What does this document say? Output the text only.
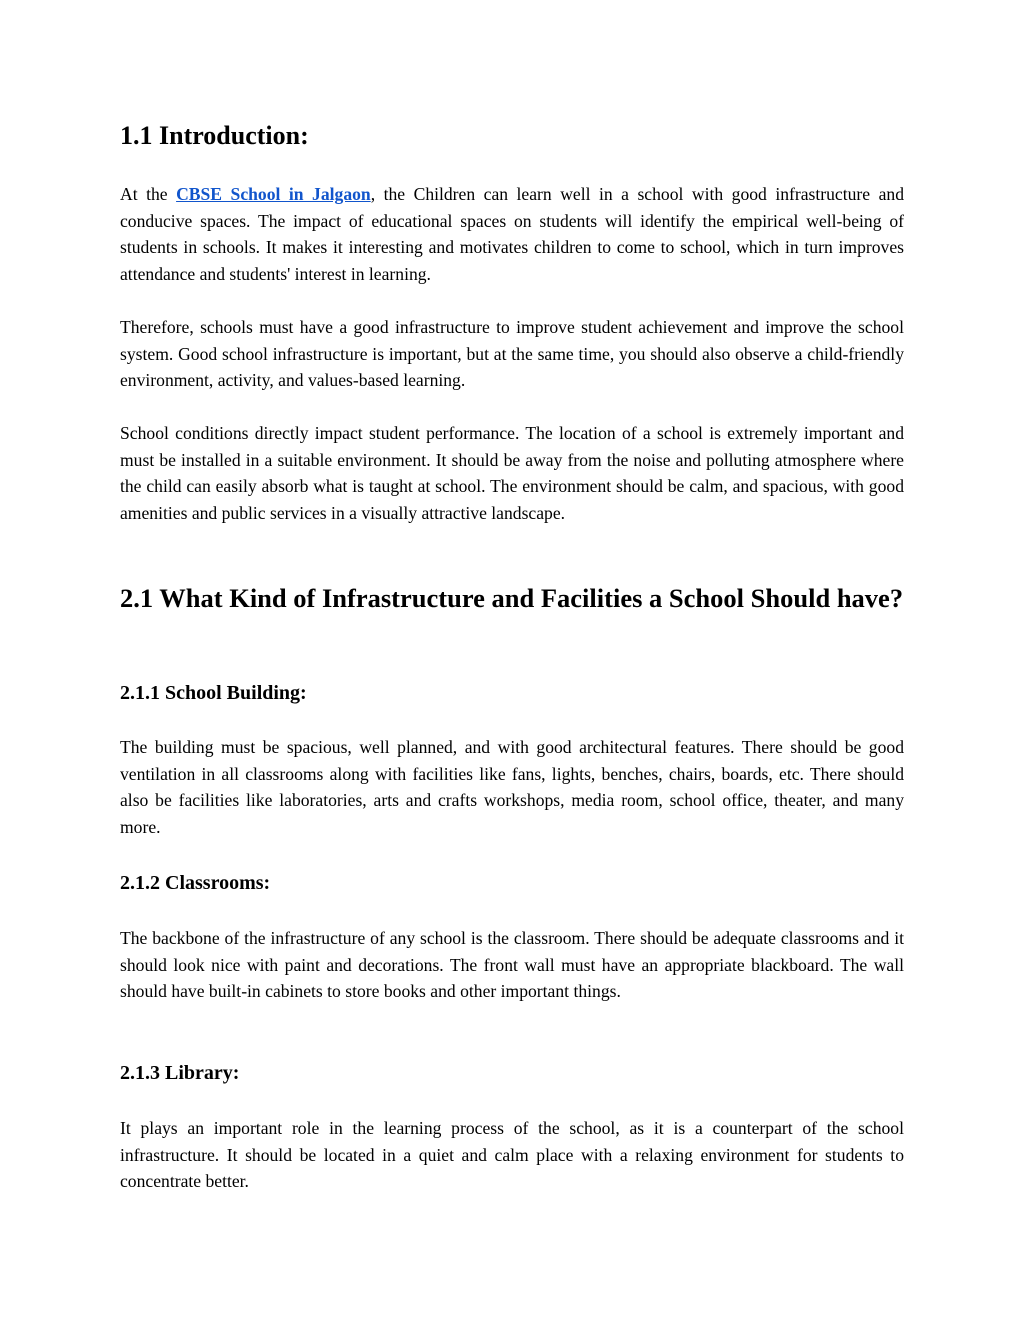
1.1 Introduction:

At the CBSE School in Jalgaon, the Children can learn well in a school with good infrastructure and conducive spaces. The impact of educational spaces on students will identify the empirical well-being of students in schools. It makes it interesting and motivates children to come to school, which in turn improves attendance and students' interest in learning.

Therefore, schools must have a good infrastructure to improve student achievement and improve the school system. Good school infrastructure is important, but at the same time, you should also observe a child-friendly environment, activity, and values-based learning.

School conditions directly impact student performance. The location of a school is extremely important and must be installed in a suitable environment. It should be away from the noise and polluting atmosphere where the child can easily absorb what is taught at school. The environment should be calm, and spacious, with good amenities and public services in a visually attractive landscape.

2.1 What Kind of Infrastructure and Facilities a School Should have?
2.1.1 School Building:

The building must be spacious, well planned, and with good architectural features. There should be good ventilation in all classrooms along with facilities like fans, lights, benches, chairs, boards, etc. There should also be facilities like laboratories, arts and crafts workshops, media room, school office, theater, and many more.

2.1.2 Classrooms:

The backbone of the infrastructure of any school is the classroom. There should be adequate classrooms and it should look nice with paint and decorations. The front wall must have an appropriate blackboard. The wall should have built-in cabinets to store books and other important things.

2.1.3 Library:

It plays an important role in the learning process of the school, as it is a counterpart of the school infrastructure. It should be located in a quiet and calm place with a relaxing environment for students to concentrate better.
